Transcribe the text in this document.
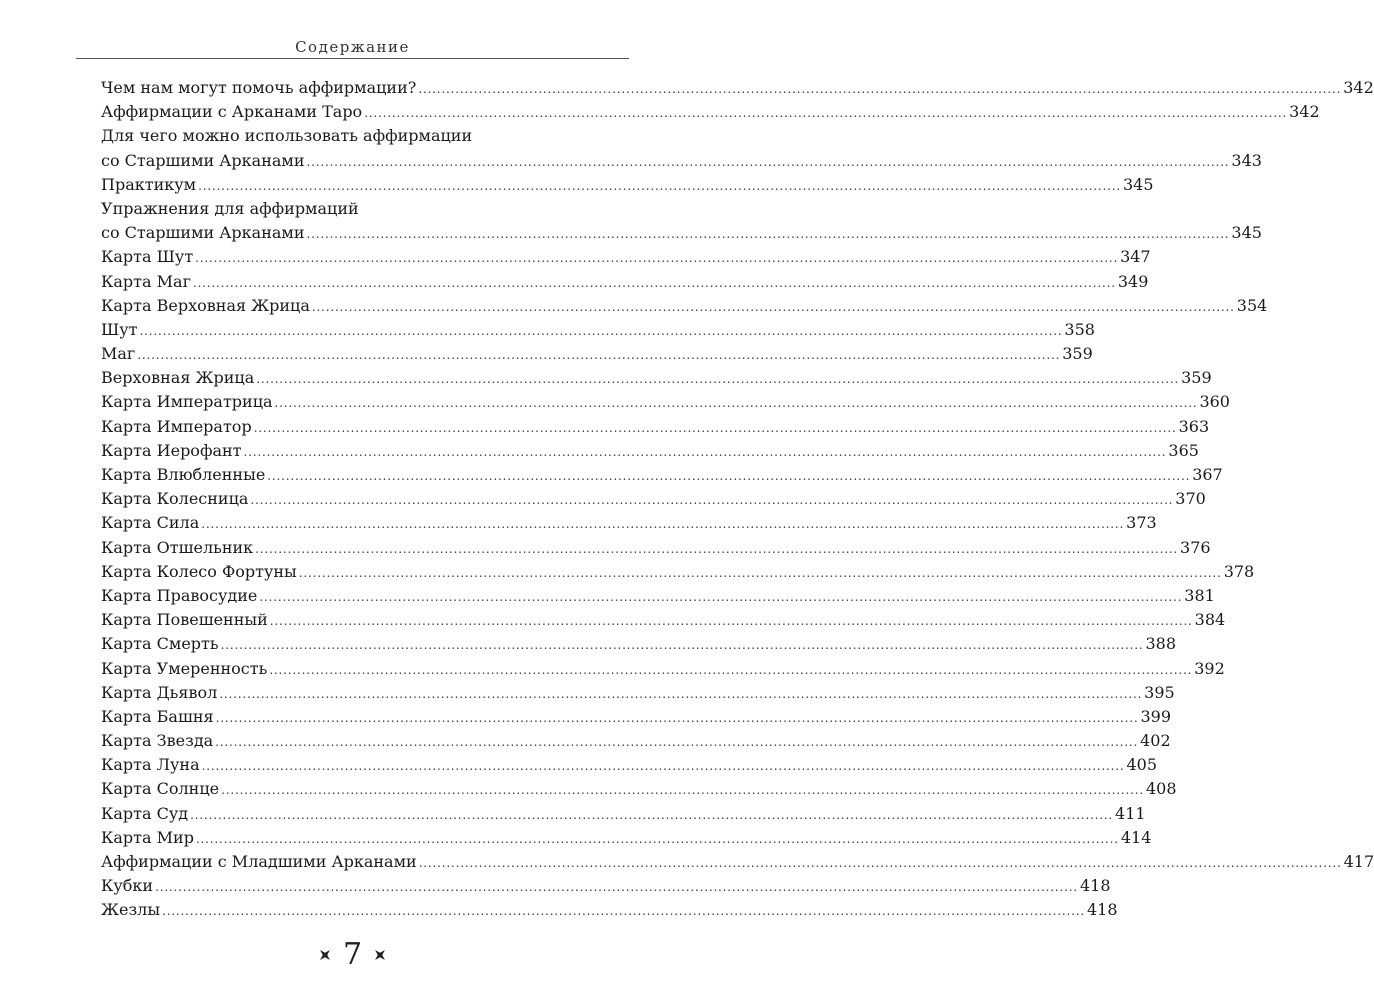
Содержание
Чем нам могут помочь аффирмации? ........................................................................................................................................................................................................ 342
Аффирмации с Арканами Таро ........................................................................................................................................................................................................ 342
Для чего можно использовать аффирмации
со Старшими Арканами ........................................................................................................................................................................................................ 343
Практикум ........................................................................................................................................................................................................ 345
Упражнения для аффирмаций
со Старшими Арканами ........................................................................................................................................................................................................ 345
Карта Шут ........................................................................................................................................................................................................ 347
Карта Маг ........................................................................................................................................................................................................ 349
Карта Верховная Жрица ........................................................................................................................................................................................................ 354
Шут ........................................................................................................................................................................................................ 358
Маг ........................................................................................................................................................................................................ 359
Верховная Жрица ........................................................................................................................................................................................................ 359
Карта Императрица ........................................................................................................................................................................................................ 360
Карта Император ........................................................................................................................................................................................................ 363
Карта Иерофант ........................................................................................................................................................................................................ 365
Карта Влюбленные ........................................................................................................................................................................................................ 367
Карта Колесница ........................................................................................................................................................................................................ 370
Карта Сила ........................................................................................................................................................................................................ 373
Карта Отшельник ........................................................................................................................................................................................................ 376
Карта Колесо Фортуны ........................................................................................................................................................................................................ 378
Карта Правосудие ........................................................................................................................................................................................................ 381
Карта Повешенный ........................................................................................................................................................................................................ 384
Карта Смерть ........................................................................................................................................................................................................ 388
Карта Умеренность ........................................................................................................................................................................................................ 392
Карта Дьявол ........................................................................................................................................................................................................ 395
Карта Башня ........................................................................................................................................................................................................ 399
Карта Звезда ........................................................................................................................................................................................................ 402
Карта Луна ........................................................................................................................................................................................................ 405
Карта Солнце ........................................................................................................................................................................................................ 408
Карта Суд ........................................................................................................................................................................................................ 411
Карта Мир ........................................................................................................................................................................................................ 414
Аффирмации с Младшими Арканами ........................................................................................................................................................................................................ 417
Кубки ........................................................................................................................................................................................................ 418
Жезлы ........................................................................................................................................................................................................ 418
7
